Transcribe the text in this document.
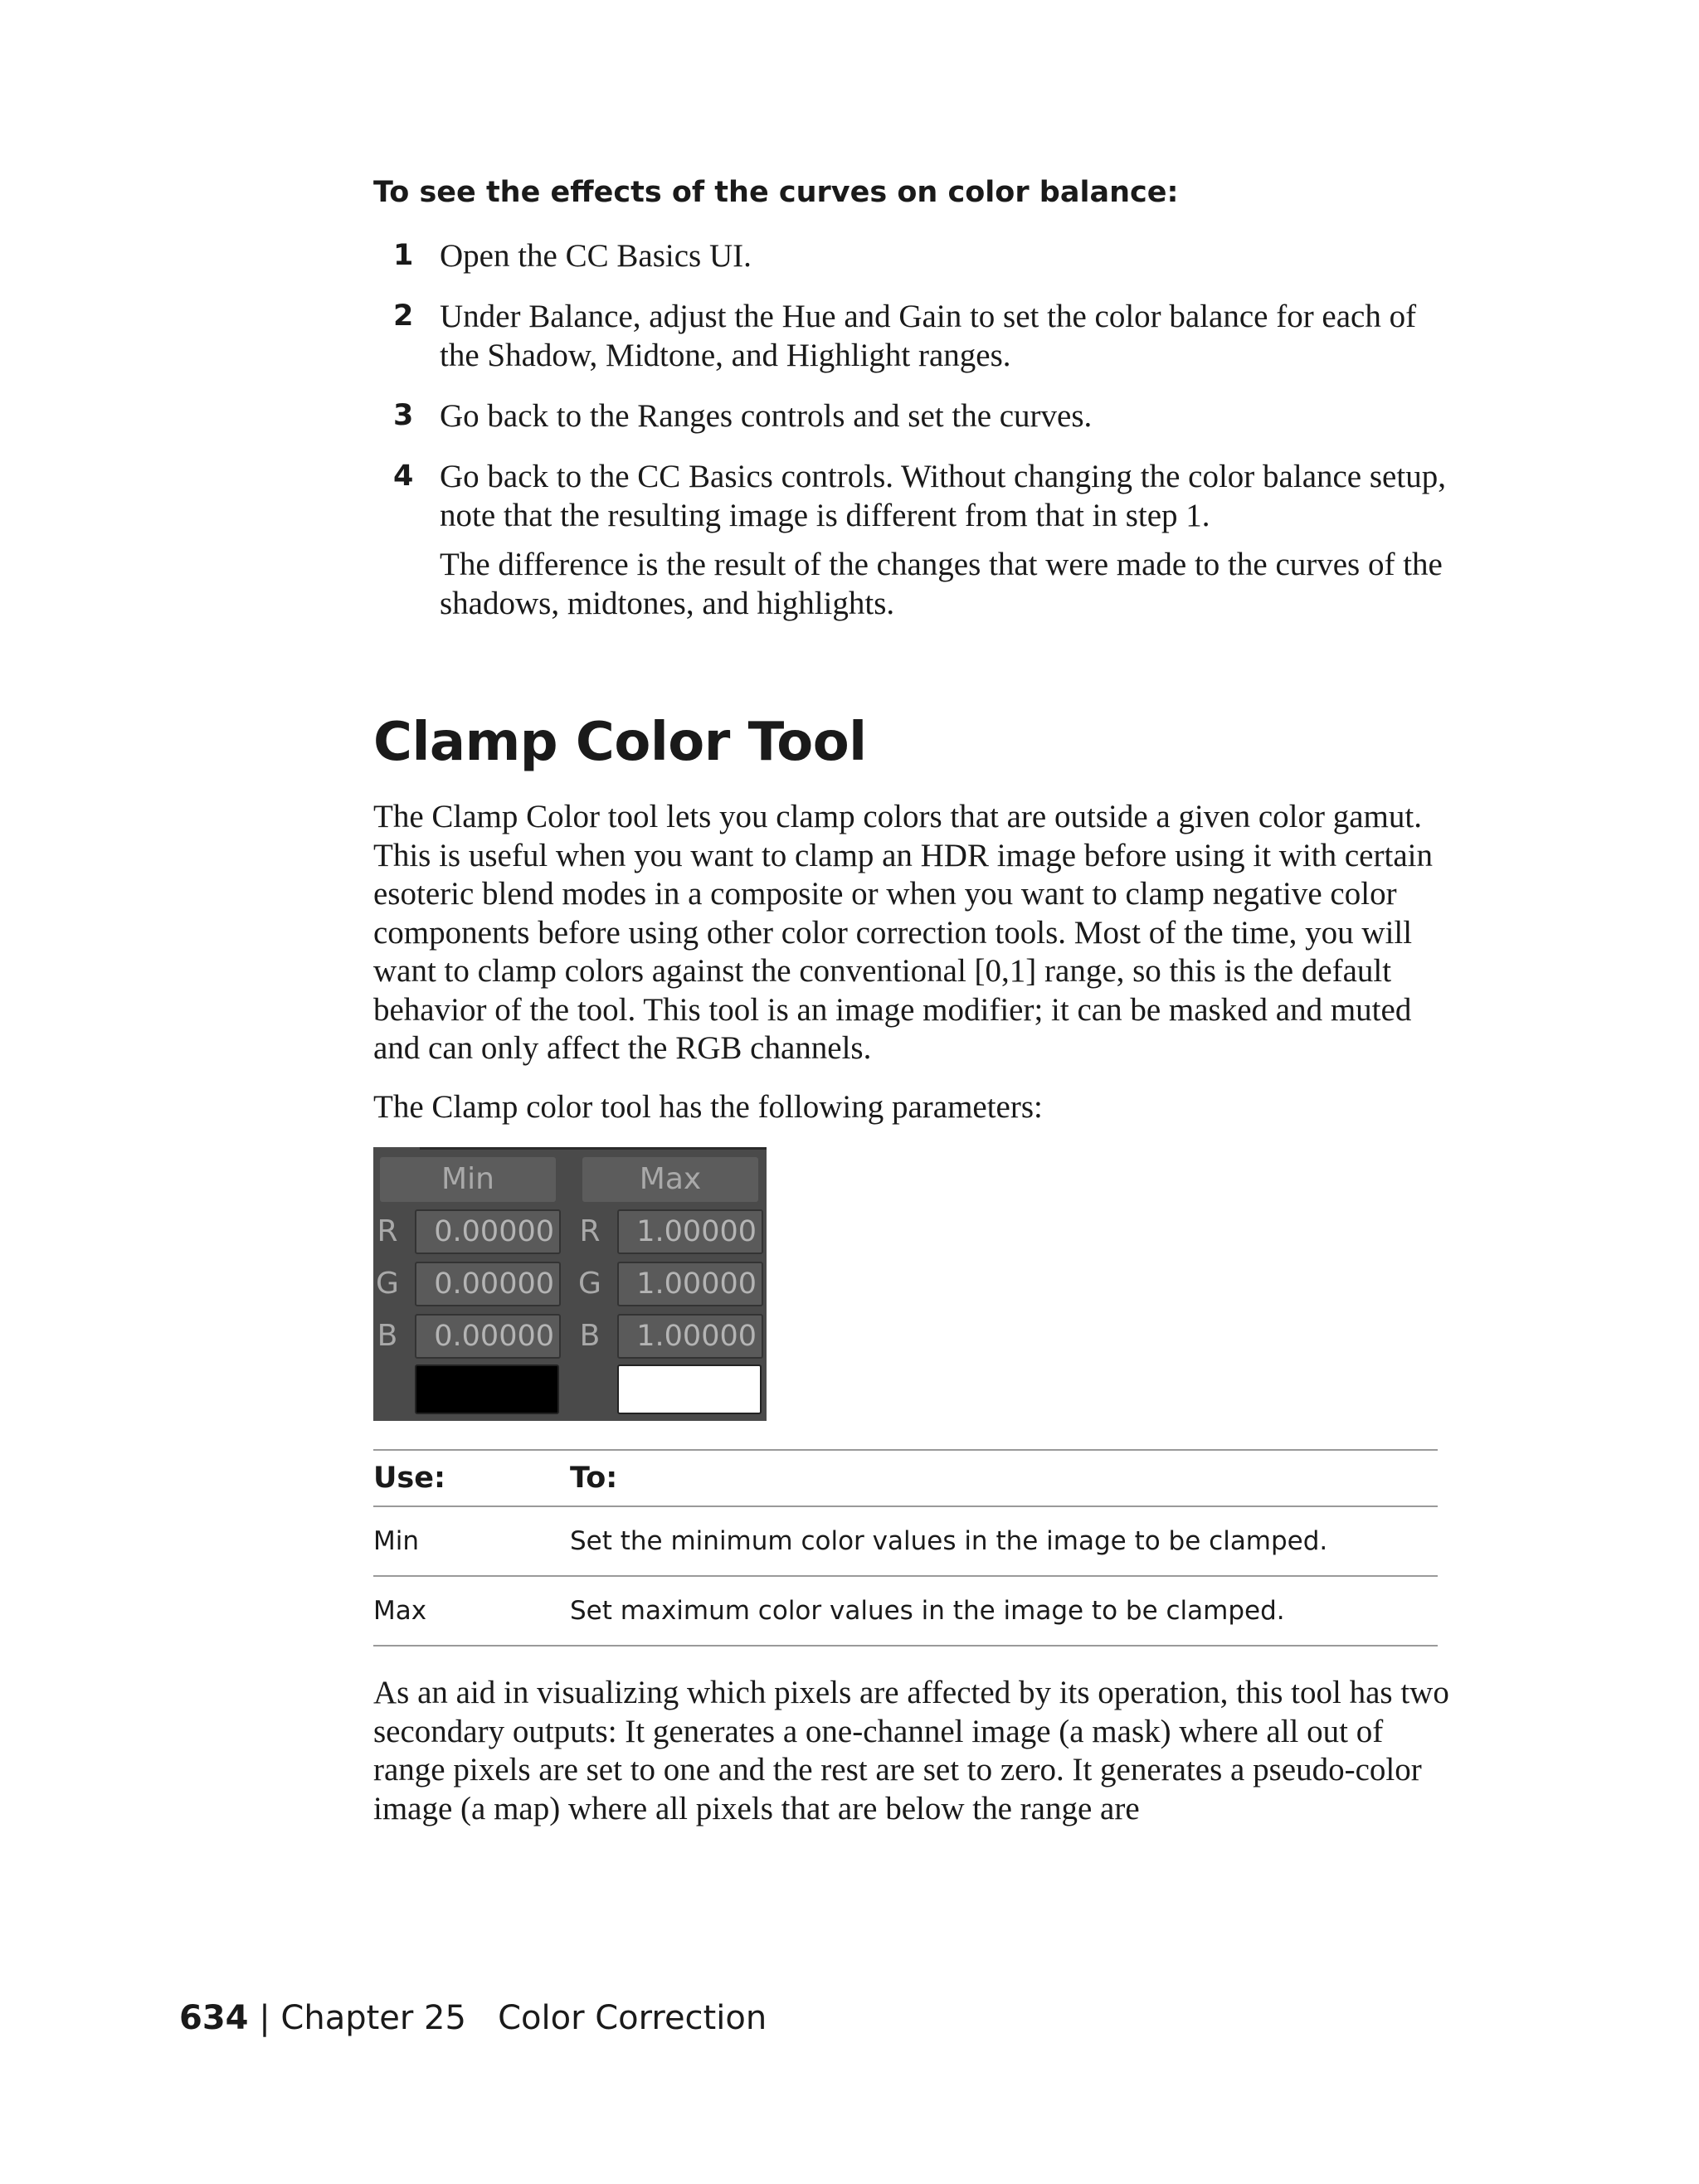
To see the effects of the curves on color balance:
1 Open the CC Basics UI.
2 Under Balance, adjust the Hue and Gain to set the color balance for each of the Shadow, Midtone, and Highlight ranges.
3 Go back to the Ranges controls and set the curves.
4 Go back to the CC Basics controls. Without changing the color balance setup, note that the resulting image is different from that in step 1.
The difference is the result of the changes that were made to the curves of the shadows, midtones, and highlights.
Clamp Color Tool

The Clamp Color tool lets you clamp colors that are outside a given color gamut. This is useful when you want to clamp an HDR image before using it with certain esoteric blend modes in a composite or when you want to clamp negative color components before using other color correction tools. Most of the time, you will want to clamp colors against the conventional [0,1] range, so this is the default behavior of the tool. This tool is an image modifier; it can be masked and muted and can only affect the RGB channels.

The Clamp color tool has the following parameters:

Min	Max
R	0.00000 R	1.00000
G	0.00000 G	1.00000
B	0.00000 B	1.00000
Use:	To:
Min	Set the minimum color values in the image to be clamped.
Max	Set maximum color values in the image to be clamped.

As an aid in visualizing which pixels are affected by its operation, this tool has two secondary outputs: It generates a one-channel image (a mask) where all out of range pixels are set to one and the rest are set to zero. It generates a pseudo-color image (a map) where all pixels that are below the range are

634 | Chapter 25   Color Correction
